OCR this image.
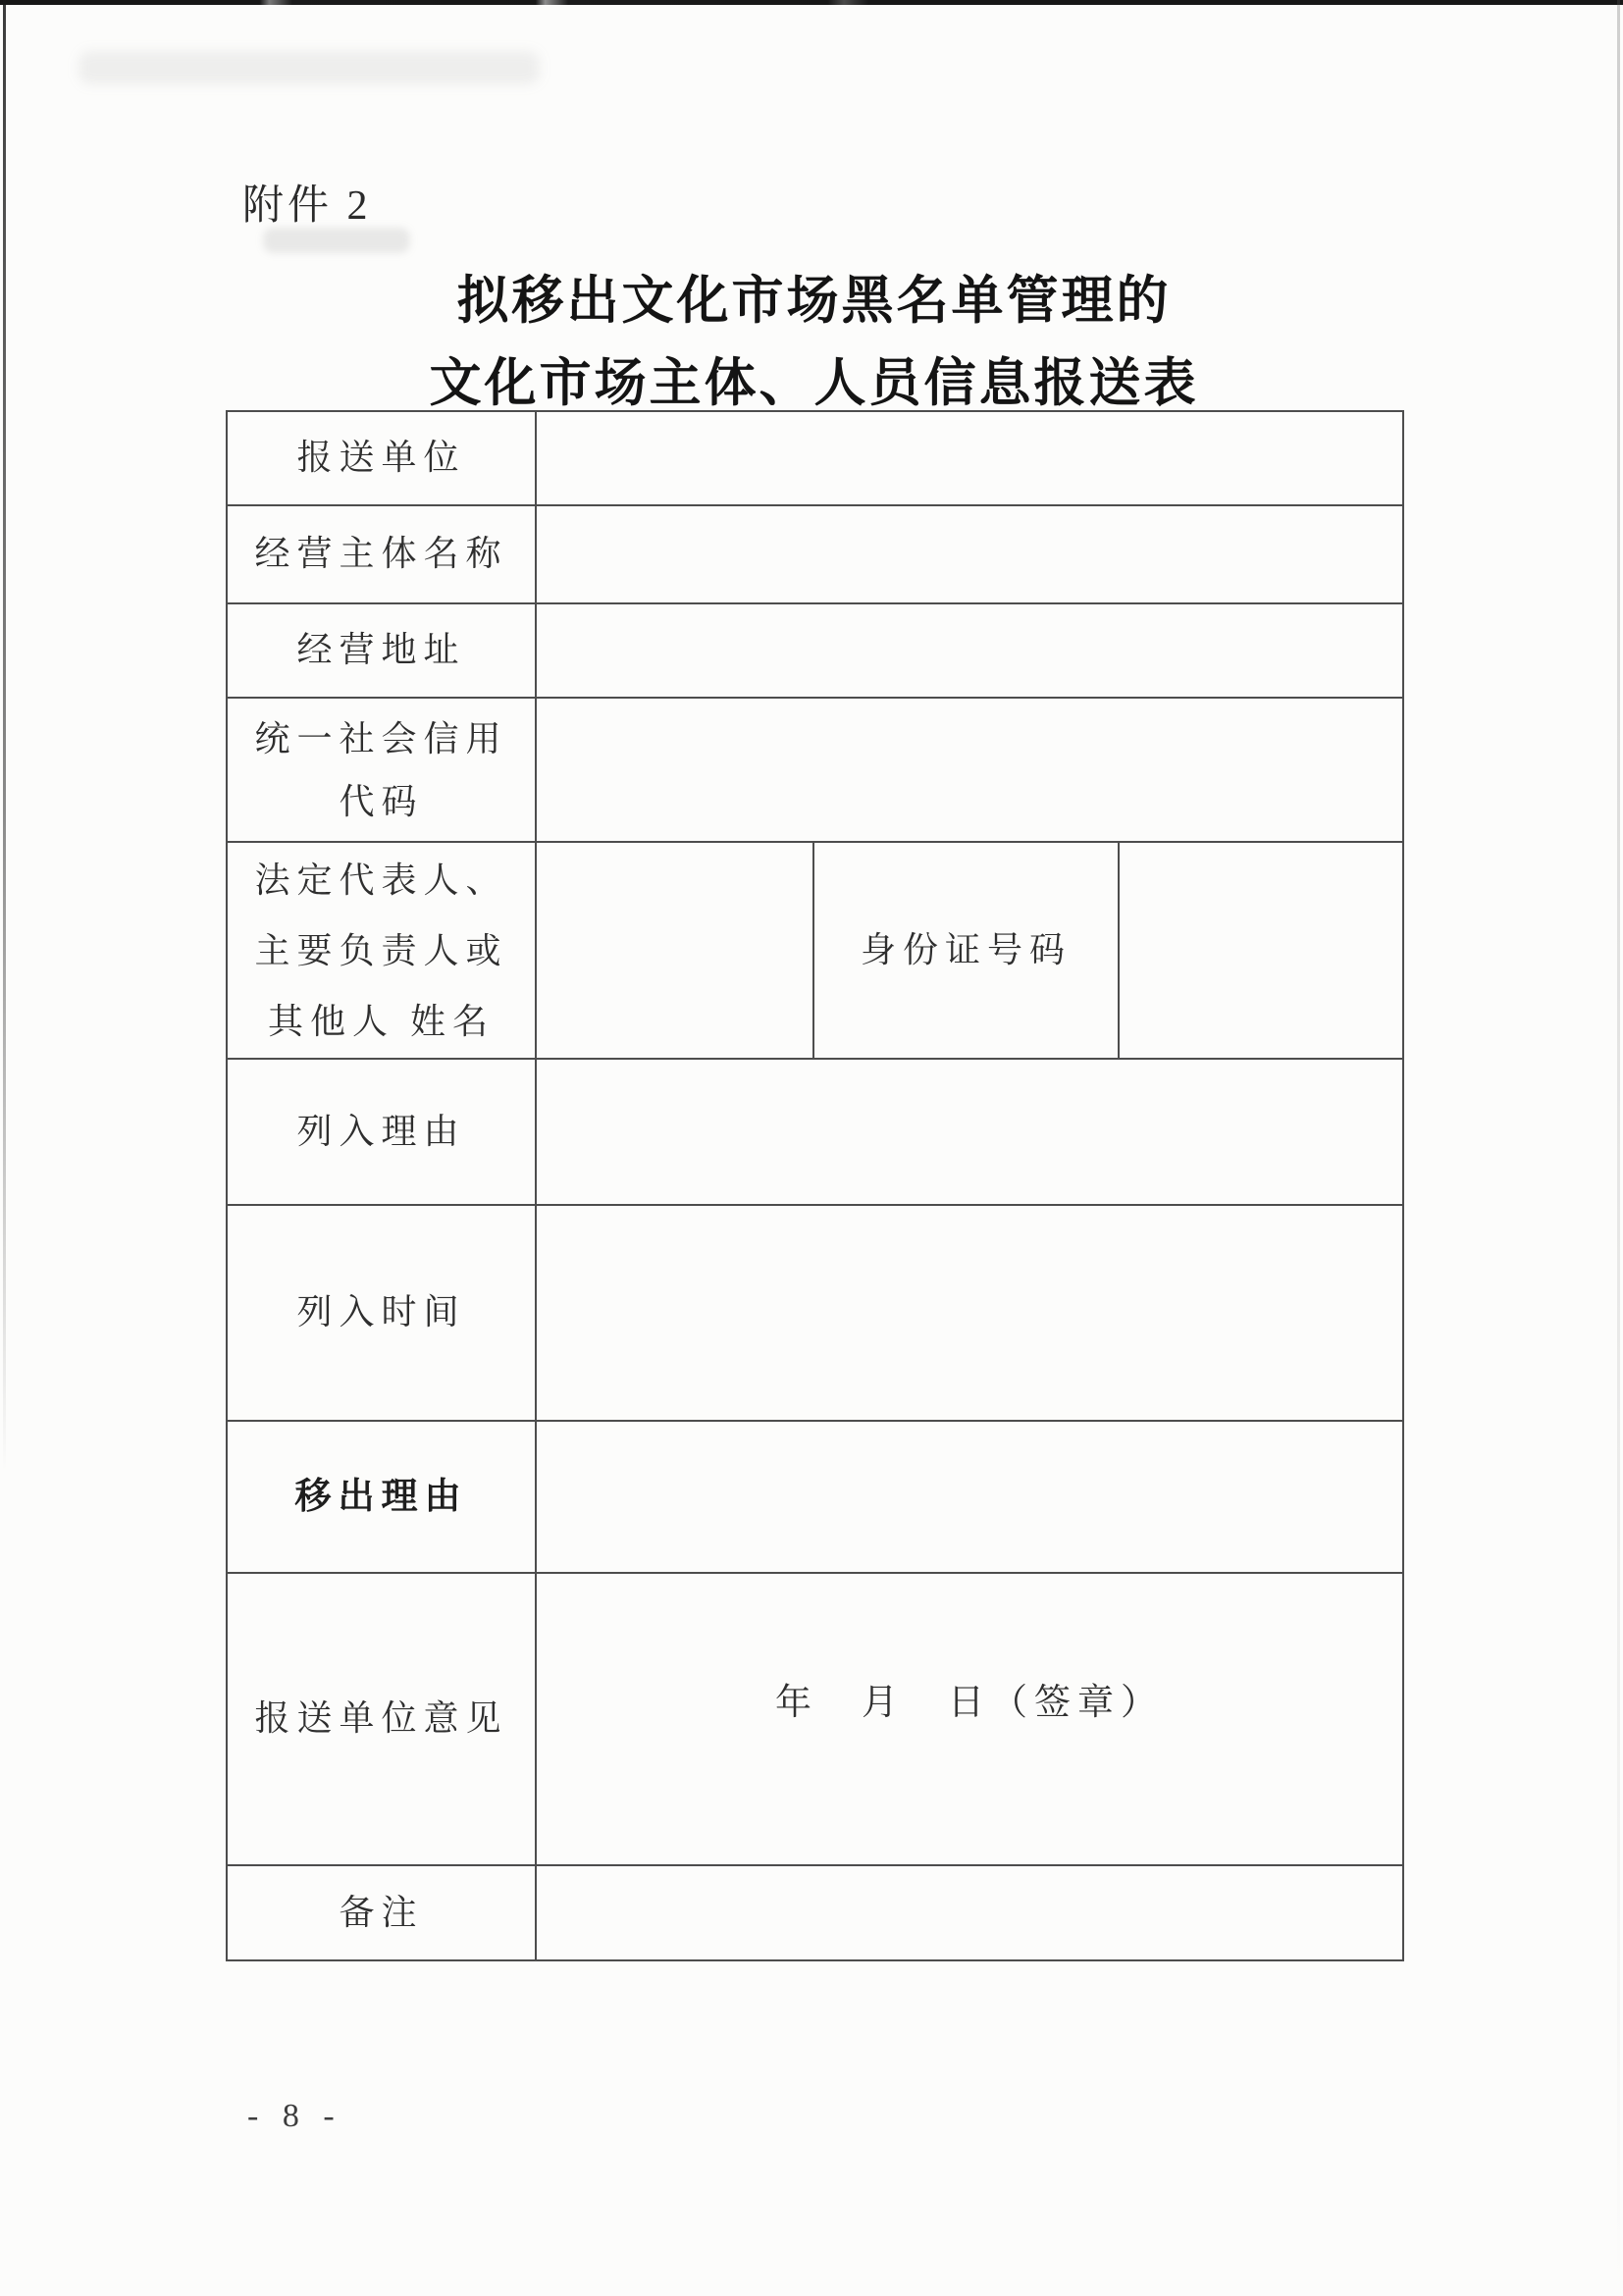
附件 2
拟移出文化市场黑名单管理的
文化市场主体、人员信息报送表
报送单位			
经营主体名称			
经营地址			

统一社会信用
代码			

法定代表人、
主要负责人或
其他人 姓名		身份证号码	
列入理由			
列入时间			
移出理由			
报送单位意见	年　月　日（签章）		
备注			
- 8 -
